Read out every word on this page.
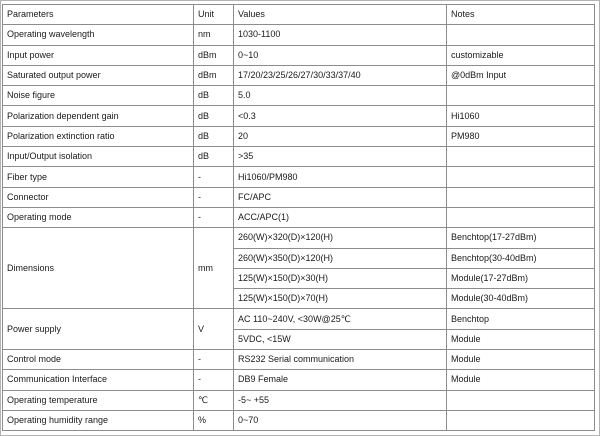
Parameters	Unit	Values	Notes
Operating wavelength	nm	1030-1100	
Input power	dBm	0~10	customizable
Saturated output power	dBm	17/20/23/25/26/27/30/33/37/40	@0dBm Input
Noise figure	dB	5.0	
Polarization dependent gain	dB	<0.3	Hi1060
Polarization extinction ratio	dB	20	PM980
Input/Output isolation	dB	>35	
Fiber type	-	Hi1060/PM980	
Connector	-	FC/APC	
Operating mode	-	ACC/APC(1)	
Dimensions	mm	260(W)×320(D)×120(H)	Benchtop(17-27dBm)
		260(W)×350(D)×120(H)	Benchtop(30-40dBm)
		125(W)×150(D)×30(H)	Module(17-27dBm)
		125(W)×150(D)×70(H)	Module(30-40dBm)
Power supply	V	AC 110~240V, <30W@25℃	Benchtop
		5VDC, <15W	Module
Control mode	-	RS232 Serial communication	Module
Communication Interface	-	DB9 Female	Module
Operating temperature	℃	-5~ +55	
Operating humidity range	%	0~70	
